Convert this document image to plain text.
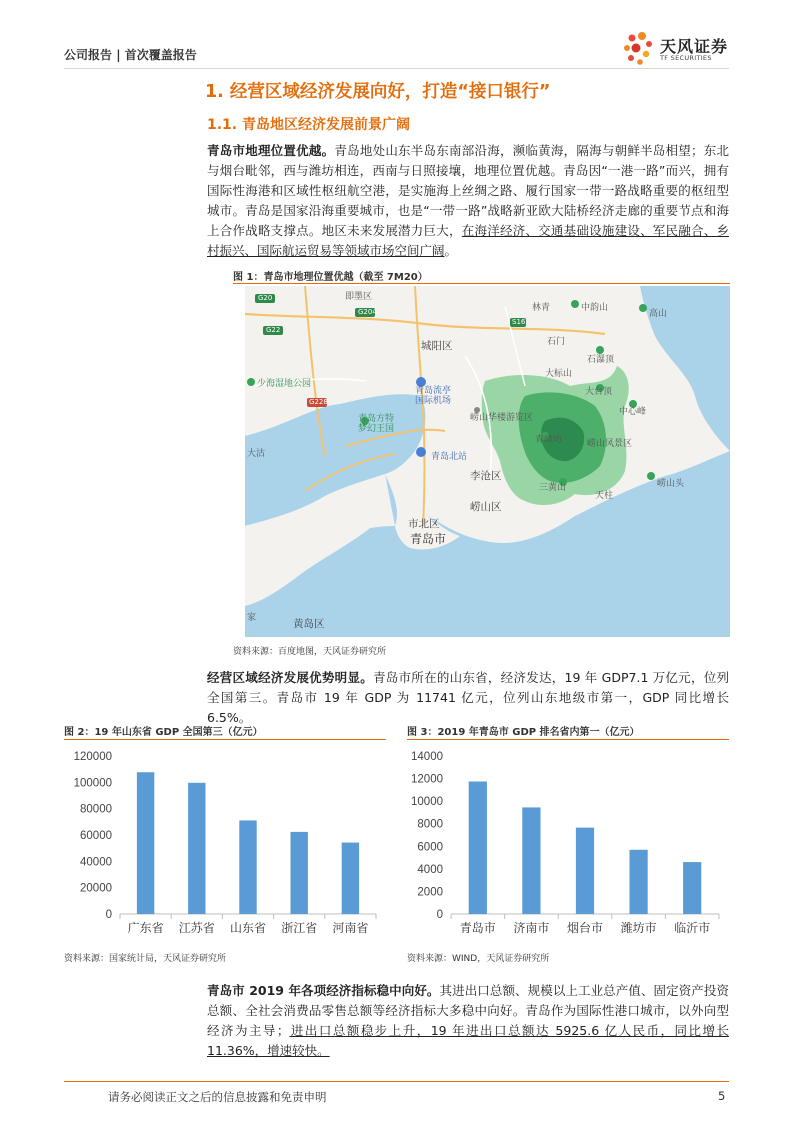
公司报告 | 首次覆盖报告	天风证券
TF SECURITIES
1. 经营区域经济发展向好，打造“接口银行”
1.1. 青岛地区经济发展前景广阔
青岛市地理位置优越。青岛地处山东半岛东南部沿海，濒临黄海，隔海与朝鲜半岛相望；东北与烟台毗邻，西与潍坊相连，西南与日照接壤，地理位置优越。青岛因“一港一路”而兴，拥有国际性海港和区域性枢纽航空港，是实施海上丝绸之路、履行国家一带一路战略重要的枢纽型城市。青岛是国家沿海重要城市，也是“一带一路”战略新亚欧大陆桥经济走廊的重要节点和海上合作战略支撑点。地区未来发展潜力巨大，在海洋经济、交通基础设施建设、军民融合、乡村振兴、国际航运贸易等领域市场空间广阔。
图 1：青岛市地理位置优越（截至 7M20）
即墨区
G20
G22
G204
S16
G228
林青
城阳区
少海湿地公园
青岛流亭
国际机场
青岛方特
梦幻王国
崂山华楼游览区
青岛北站
李沧区
崂山区
市北区
青岛市
黄岛区
大沽
家
中韵山
高山
石门
石瀑顶
大标山
大台顶
中心峰
青峰坊	崂山风景区
三黄山
天柱
崂山头
资料来源：百度地图，天风证券研究所
经营区域经济发展优势明显。青岛市所在的山东省，经济发达，19 年 GDP7.1 万亿元，位列全国第三。青岛市 19 年 GDP 为 11741 亿元，位列山东地级市第一，GDP 同比增长 6.5%。
图 2：19 年山东省 GDP 全国第三（亿元）
0
20000
40000
60000
80000
100000
120000
广东省 江苏省 山东省 浙江省 河南省
资料来源：国家统计局，天风证券研究所
图 3：2019 年青岛市 GDP 排名省内第一（亿元）
0
2000
4000
6000
8000
10000
12000
14000
青岛市 济南市 烟台市 潍坊市 临沂市
资料来源：WIND，天风证券研究所
青岛市 2019 年各项经济指标稳中向好。其进出口总额、规模以上工业总产值、固定资产投资总额、全社会消费品零售总额等经济指标大多稳中向好。青岛作为国际性港口城市，以外向型经济为主导；进出口总额稳步上升，19 年进出口总额达 5925.6 亿人民币，同比增长 11.36%，增速较快。
请务必阅读正文之后的信息披露和免责申明	5
